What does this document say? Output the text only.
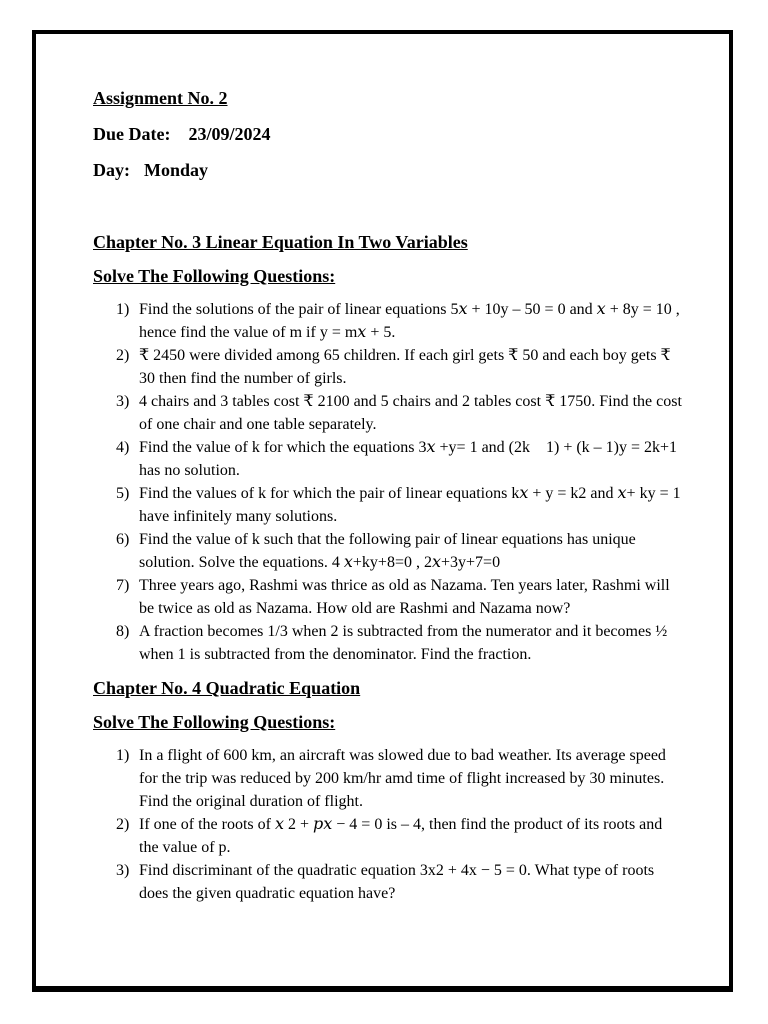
Assignment No. 2
Due Date: 23/09/2024
Day: Monday
Chapter No. 3 Linear Equation In Two Variables
Solve The Following Questions:
1) Find the solutions of the pair of linear equations 5𝑥 + 10y – 50 = 0 and 𝑥 + 8y = 10 , hence find the value of m if y = m𝑥 + 5.
2) ₹ 2450 were divided among 65 children. If each girl gets ₹ 50 and each boy gets ₹ 30 then find the number of girls.
3) 4 chairs and 3 tables cost ₹ 2100 and 5 chairs and 2 tables cost ₹ 1750. Find the cost of one chair and one table separately.
4) Find the value of k for which the equations 3𝑥 +y= 1 and (2k    1) + (k – 1)y = 2k+1 has no solution.
5) Find the values of k for which the pair of linear equations k𝑥 + y = k2 and 𝑥+ ky = 1 have infinitely many solutions.
6) Find the value of k such that the following pair of linear equations has unique solution. Solve the equations. 4 𝑥+ky+8=0 , 2𝑥+3y+7=0
7) Three years ago, Rashmi was thrice as old as Nazama. Ten years later, Rashmi will be twice as old as Nazama. How old are Rashmi and Nazama now?
8) A fraction becomes 1/3 when 2 is subtracted from the numerator and it becomes ½ when 1 is subtracted from the denominator. Find the fraction.
Chapter No. 4 Quadratic Equation
Solve The Following Questions:
1) In a flight of 600 km, an aircraft was slowed due to bad weather. Its average speed for the trip was reduced by 200 km/hr amd time of flight increased by 30 minutes. Find the original duration of flight.
2) If one of the roots of 𝑥 2 + 𝑝𝑥 − 4 = 0 is – 4, then find the product of its roots and the value of p.
3) Find discriminant of the quadratic equation 3x2 + 4x − 5 = 0. What type of roots does the given quadratic equation have?
